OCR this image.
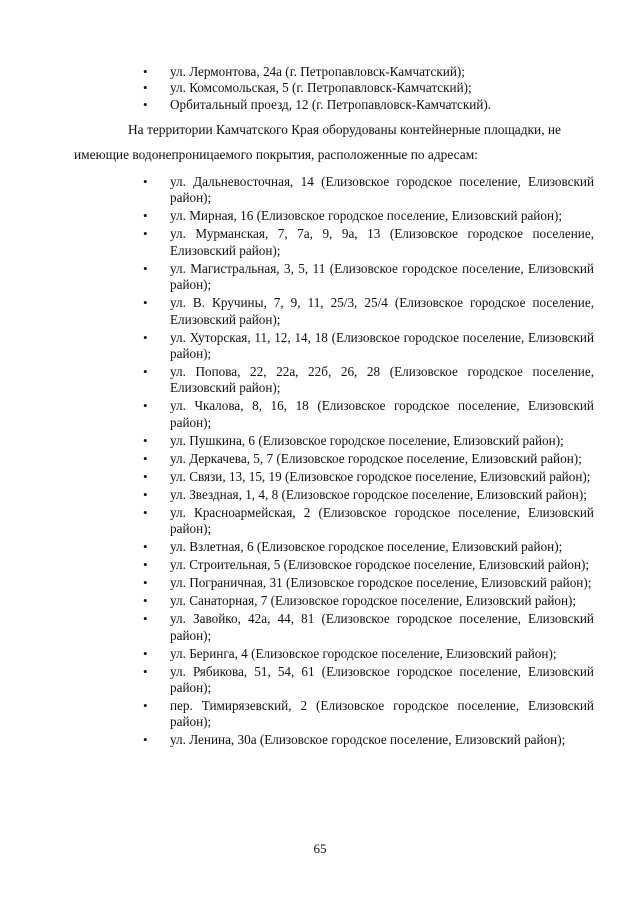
• ул. Лермонтова, 24а (г. Петропавловск-Камчатский);
• ул. Комсомольская, 5 (г. Петропавловск-Камчатский);
• Орбитальный проезд, 12 (г. Петропавловск-Камчатский).

На территории Камчатского Края оборудованы контейнерные площадки, не

имеющие водонепроницаемого покрытия, расположенные по адресам:

• ул. Дальневосточная, 14 (Елизовское городское поселение, Елизовский район);
• ул. Мирная, 16 (Елизовское городское поселение, Елизовский район);
• ул. Мурманская, 7, 7а, 9, 9а, 13 (Елизовское городское поселение, Елизовский район);
• ул. Магистральная, 3, 5, 11 (Елизовское городское поселение, Елизовский район);
• ул. В. Кручины, 7, 9, 11, 25/3, 25/4 (Елизовское городское поселение, Елизовский район);
• ул. Хуторская, 11, 12, 14, 18 (Елизовское городское поселение, Елизовский район);
• ул. Попова, 22, 22а, 22б, 26, 28 (Елизовское городское поселение, Елизовский район);
• ул. Чкалова, 8, 16, 18 (Елизовское городское поселение, Елизовский район);
• ул. Пушкина, 6 (Елизовское городское поселение, Елизовский район);
• ул. Деркачева, 5, 7 (Елизовское городское поселение, Елизовский район);
• ул. Связи, 13, 15, 19 (Елизовское городское поселение, Елизовский район);
• ул. Звездная, 1, 4, 8 (Елизовское городское поселение, Елизовский район);
• ул. Красноармейская, 2 (Елизовское городское поселение, Елизовский район);
• ул. Взлетная, 6 (Елизовское городское поселение, Елизовский район);
• ул. Строительная, 5 (Елизовское городское поселение, Елизовский район);
• ул. Пограничная, 31 (Елизовское городское поселение, Елизовский район);
• ул. Санаторная, 7 (Елизовское городское поселение, Елизовский район);
• ул. Завойко, 42а, 44, 81 (Елизовское городское поселение, Елизовский район);
• ул. Беринга, 4 (Елизовское городское поселение, Елизовский район);
• ул. Рябикова, 51, 54, 61 (Елизовское городское поселение, Елизовский район);
• пер. Тимирязевский, 2 (Елизовское городское поселение, Елизовский район);
• ул. Ленина, 30а (Елизовское городское поселение, Елизовский район);
65
